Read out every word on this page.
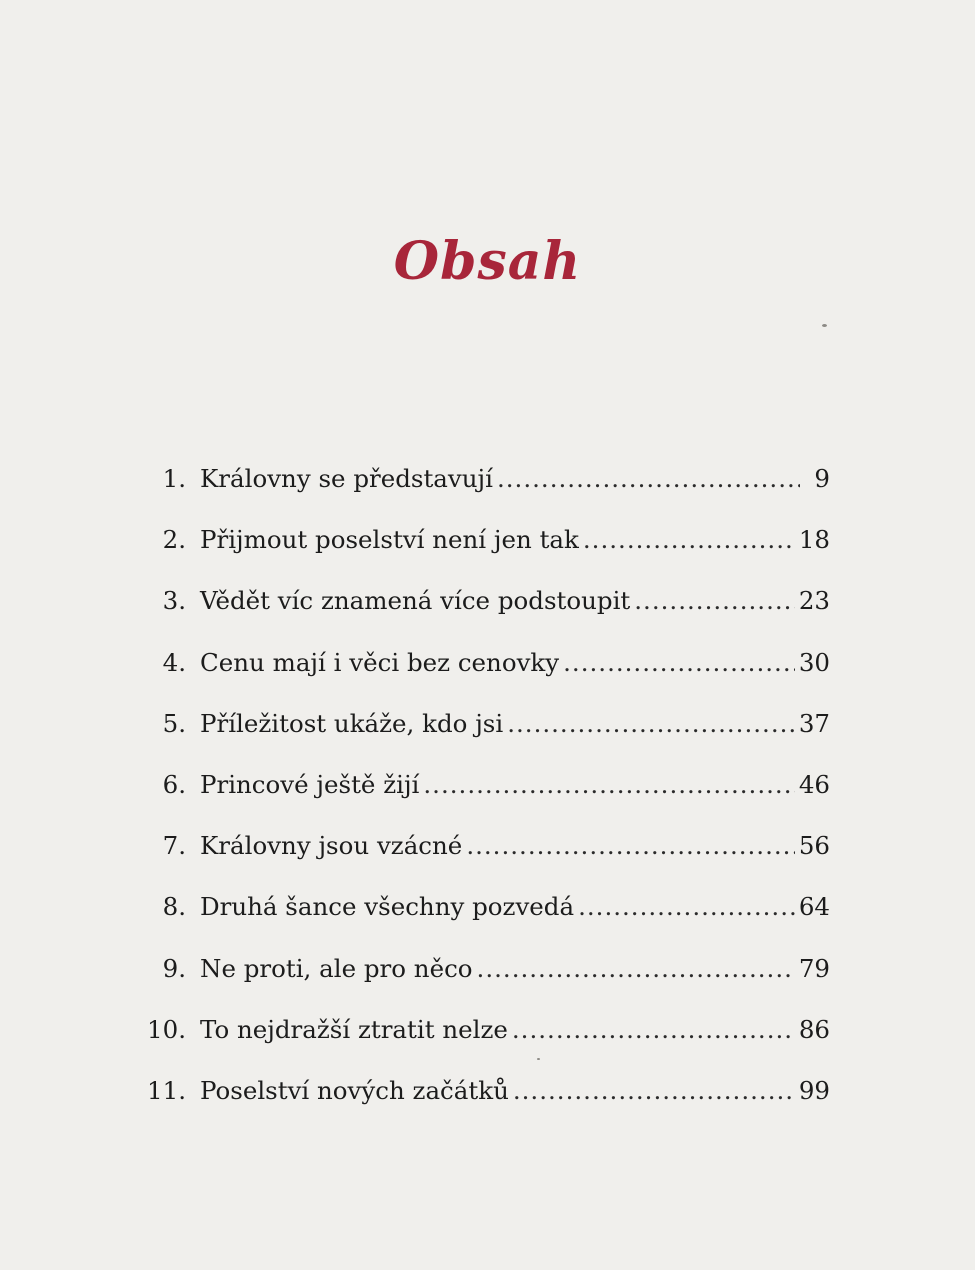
Obsah
1. Královny se představují .....	9
2. Přijmout poselství není jen tak .....	18
3. Vědět víc znamená více podstoupit .....	23
4. Cenu mají i věci bez cenovky .....	30
5. Příležitost ukáže, kdo jsi .....	37
6. Princové ještě žijí .....	46
7. Královny jsou vzácné .....	56
8. Druhá šance všechny pozvedá .....	64
9. Ne proti, ale pro něco .....	79
10. To nejdražší ztratit nelze .....	86
11. Poselství nových začátků .....	99
